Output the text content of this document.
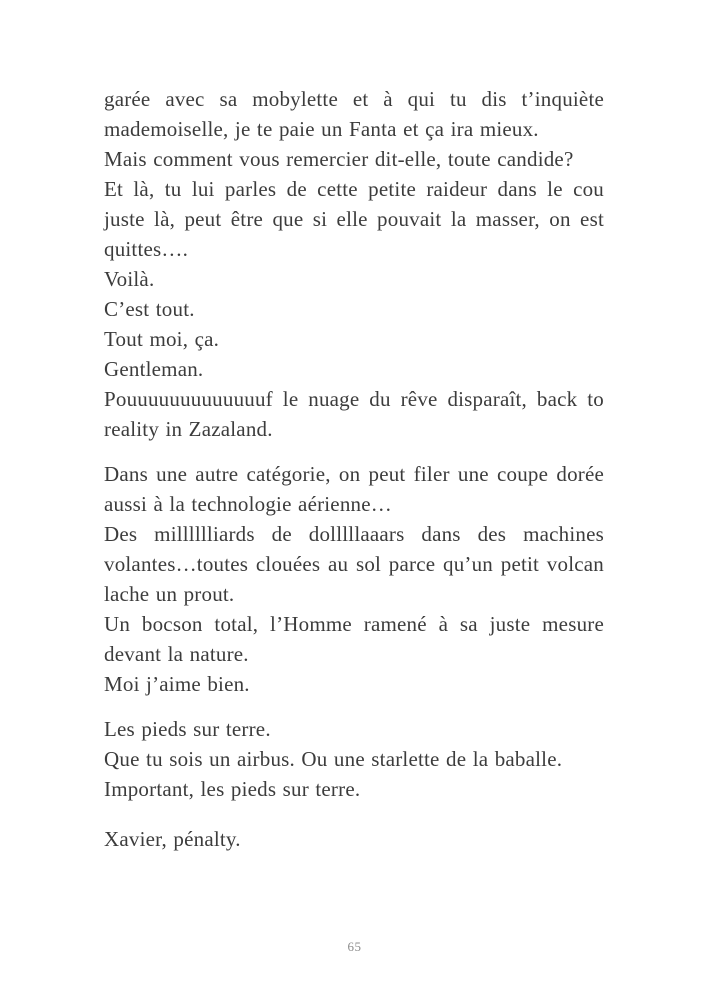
garée avec sa mobylette et à qui tu dis t’inquiète mademoiselle, je te paie un Fanta et ça ira mieux.

Mais comment vous remercier dit-elle, toute candide?

Et là, tu lui parles de cette petite raideur dans le cou juste là, peut être que si elle pouvait la masser, on est quittes….

Voilà.

C’est tout.

Tout moi, ça.

Gentleman.

Pouuuuuuuuuuuuuf le nuage du rêve disparaît, back to reality in Zazaland.

Dans une autre catégorie, on peut filer une coupe dorée aussi à la technologie aérienne…

Des milllllliards de dolllllaaars dans des machines volantes…toutes clouées au sol parce qu’un petit volcan lache un prout.

Un bocson total, l’Homme ramené à sa juste mesure devant la nature.

Moi j’aime bien.

Les pieds sur terre.

Que tu sois un airbus. Ou une starlette de la baballe.

Important, les pieds sur terre.

Xavier, pénalty.

65
